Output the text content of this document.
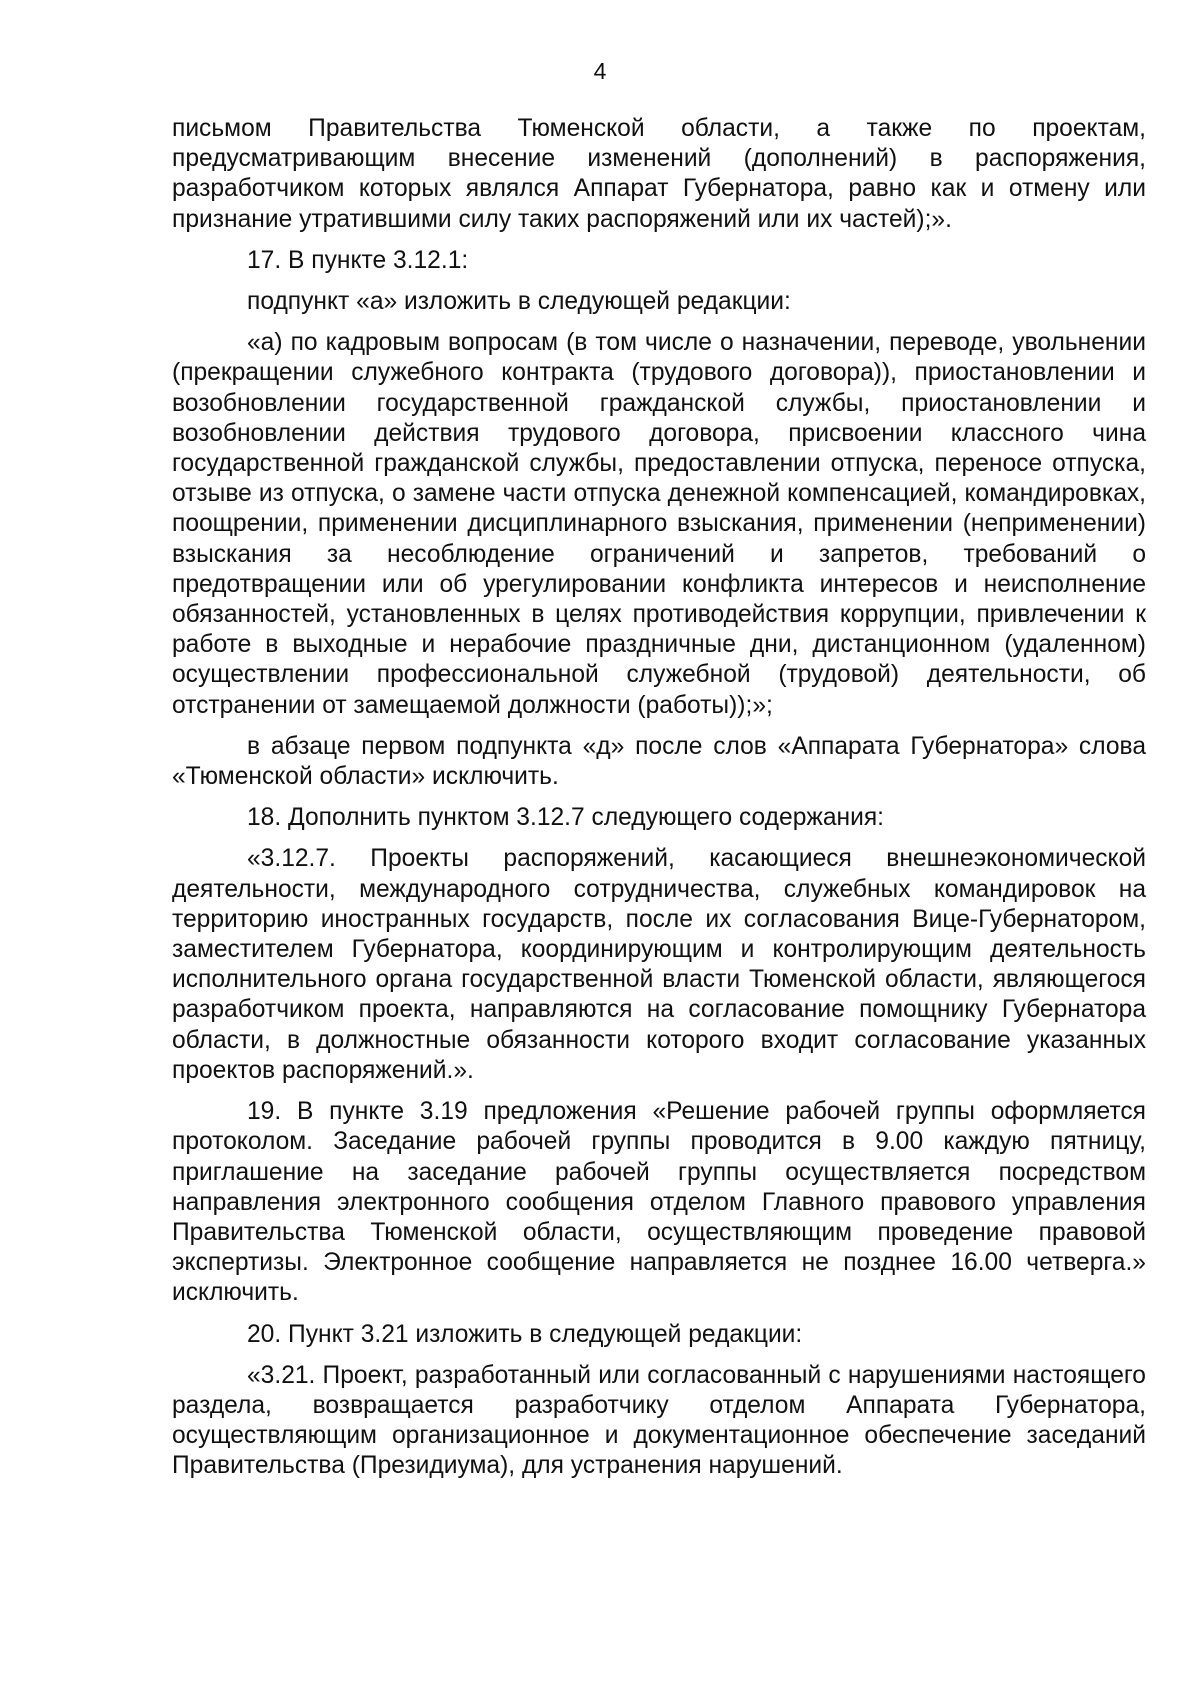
4

письмом Правительства Тюменской области, а также по проектам, предусматривающим внесение изменений (дополнений) в распоряжения, разработчиком которых являлся Аппарат Губернатора, равно как и отмену или признание утратившими силу таких распоряжений или их частей);».

17. В пункте 3.12.1:

подпункт «а» изложить в следующей редакции:

«а) по кадровым вопросам (в том числе о назначении, переводе, увольнении (прекращении служебного контракта (трудового договора)), приостановлении и возобновлении государственной гражданской службы, приостановлении и возобновлении действия трудового договора, присвоении классного чина государственной гражданской службы, предоставлении отпуска, переносе отпуска, отзыве из отпуска, о замене части отпуска денежной компенсацией, командировках, поощрении, применении дисциплинарного взыскания, применении (неприменении) взыскания за несоблюдение ограничений и запретов, требований о предотвращении или об урегулировании конфликта интересов и неисполнение обязанностей, установленных в целях противодействия коррупции, привлечении к работе в выходные и нерабочие праздничные дни, дистанционном (удаленном) осуществлении профессиональной служебной (трудовой) деятельности, об отстранении от замещаемой должности (работы));»;

в абзаце первом подпункта «д» после слов «Аппарата Губернатора» слова «Тюменской области» исключить.

18. Дополнить пунктом 3.12.7 следующего содержания:

«3.12.7. Проекты распоряжений, касающиеся внешнеэкономической деятельности, международного сотрудничества, служебных командировок на территорию иностранных государств, после их согласования Вице-Губернатором, заместителем Губернатора, координирующим и контролирующим деятельность исполнительного органа государственной власти Тюменской области, являющегося разработчиком проекта, направляются на согласование помощнику Губернатора области, в должностные обязанности которого входит согласование указанных проектов распоряжений.».

19. В пункте 3.19 предложения «Решение рабочей группы оформляется протоколом. Заседание рабочей группы проводится в 9.00 каждую пятницу, приглашение на заседание рабочей группы осуществляется посредством направления электронного сообщения отделом Главного правового управления Правительства Тюменской области, осуществляющим проведение правовой экспертизы. Электронное сообщение направляется не позднее 16.00 четверга.» исключить.

20. Пункт 3.21 изложить в следующей редакции:

«3.21. Проект, разработанный или согласованный с нарушениями настоящего раздела, возвращается разработчику отделом Аппарата Губернатора, осуществляющим организационное и документационное обеспечение заседаний Правительства (Президиума), для устранения нарушений.
